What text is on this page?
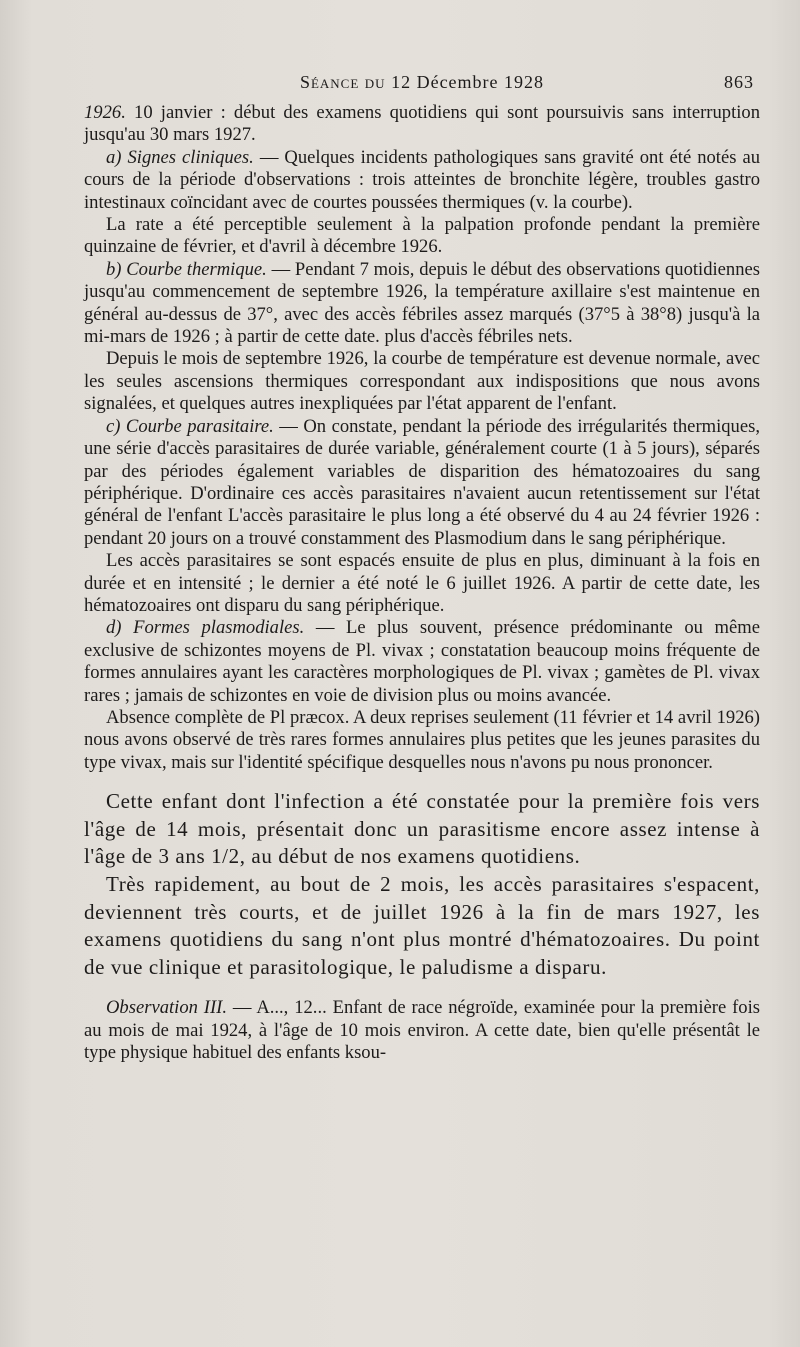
Séance du 12 Décembre 1928	863

1926. 10 janvier : début des examens quotidiens qui sont poursuivis sans interruption jusqu'au 30 mars 1927.

a) Signes cliniques. — Quelques incidents pathologiques sans gravité ont été notés au cours de la période d'observations : trois atteintes de bronchite légère, troubles gastro intestinaux coïncidant avec de courtes poussées thermiques (v. la courbe).

La rate a été perceptible seulement à la palpation profonde pendant la première quinzaine de février, et d'avril à décembre 1926.

b) Courbe thermique. — Pendant 7 mois, depuis le début des observations quotidiennes jusqu'au commencement de septembre 1926, la température axillaire s'est maintenue en général au-dessus de 37°, avec des accès fébriles assez marqués (37°5 à 38°8) jusqu'à la mi-mars de 1926 ; à partir de cette date. plus d'accès fébriles nets.

Depuis le mois de septembre 1926, la courbe de température est devenue normale, avec les seules ascensions thermiques correspondant aux indispositions que nous avons signalées, et quelques autres inexpliquées par l'état apparent de l'enfant.

c) Courbe parasitaire. — On constate, pendant la période des irrégularités thermiques, une série d'accès parasitaires de durée variable, généralement courte (1 à 5 jours), séparés par des périodes également variables de disparition des hématozoaires du sang périphérique. D'ordinaire ces accès parasitaires n'avaient aucun retentissement sur l'état général de l'enfant L'accès parasitaire le plus long a été observé du 4 au 24 février 1926 : pendant 20 jours on a trouvé constamment des Plasmodium dans le sang périphérique.

Les accès parasitaires se sont espacés ensuite de plus en plus, diminuant à la fois en durée et en intensité ; le dernier a été noté le 6 juillet 1926. A partir de cette date, les hématozoaires ont disparu du sang périphérique.

d) Formes plasmodiales. — Le plus souvent, présence prédominante ou même exclusive de schizontes moyens de Pl. vivax ; constatation beaucoup moins fréquente de formes annulaires ayant les caractères morphologiques de Pl. vivax ; gamètes de Pl. vivax rares ; jamais de schizontes en voie de division plus ou moins avancée.

Absence complète de Pl præcox. A deux reprises seulement (11 février et 14 avril 1926) nous avons observé de très rares formes annulaires plus petites que les jeunes parasites du type vivax, mais sur l'identité spécifique desquelles nous n'avons pu nous prononcer.

Cette enfant dont l'infection a été constatée pour la première fois vers l'âge de 14 mois, présentait donc un parasitisme encore assez intense à l'âge de 3 ans 1/2, au début de nos examens quotidiens.

Très rapidement, au bout de 2 mois, les accès parasitaires s'espacent, deviennent très courts, et de juillet 1926 à la fin de mars 1927, les examens quotidiens du sang n'ont plus montré d'hématozoaires. Du point de vue clinique et parasitologique, le paludisme a disparu.

Observation III. — A..., 12... Enfant de race négroïde, examinée pour la première fois au mois de mai 1924, à l'âge de 10 mois environ. A cette date, bien qu'elle présentât le type physique habituel des enfants ksou-
